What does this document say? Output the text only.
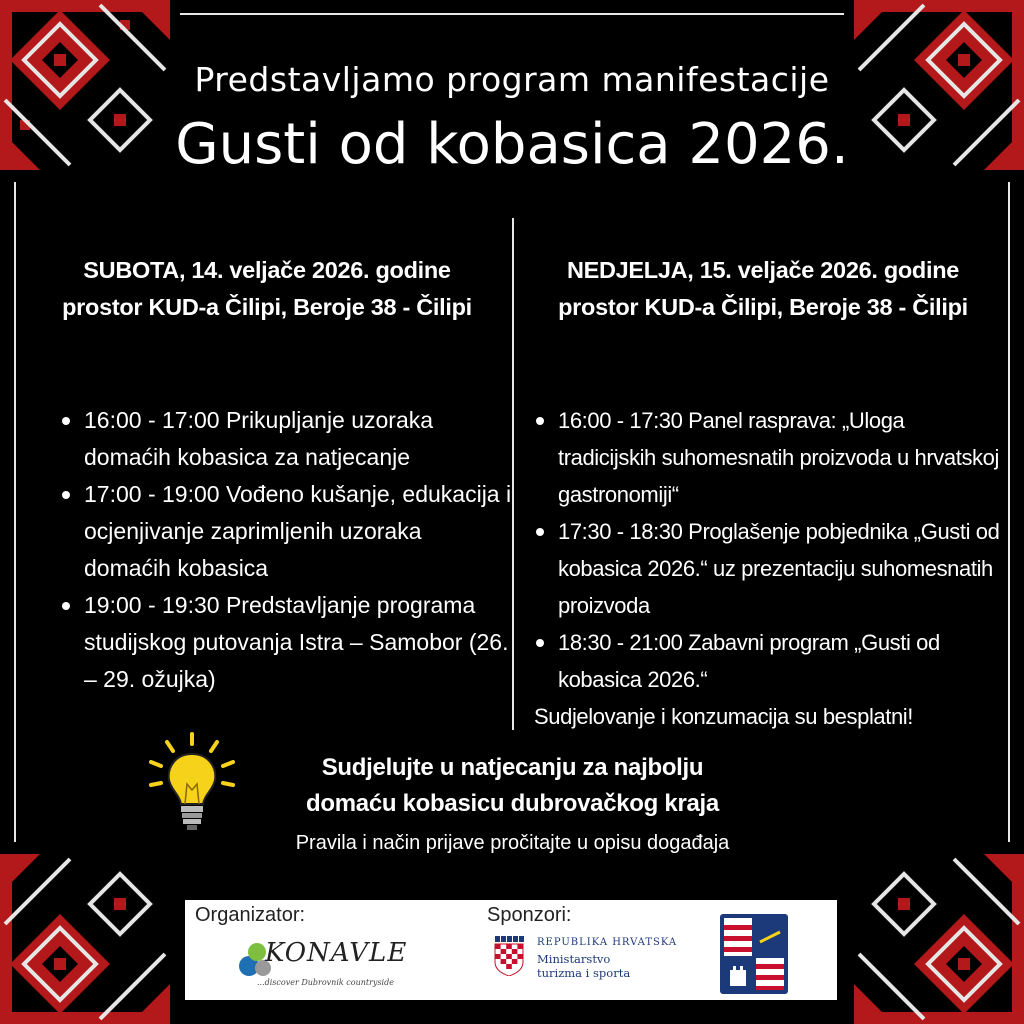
Predstavljamo program manifestacije
Gusti od kobasica 2026.
SUBOTA, 14. veljače 2026. godine
prostor KUD-a Čilipi, Beroje 38 - Čilipi
16:00 - 17:00 Prikupljanje uzoraka domaćih kobasica za natjecanje
17:00 - 19:00 Vođeno kušanje, edukacija i ocjenjivanje zaprimljenih uzoraka domaćih kobasica
19:00 - 19:30 Predstavljanje programa studijskog putovanja Istra – Samobor (26. – 29. ožujka)
NEDJELJA, 15. veljače 2026. godine
prostor KUD-a Čilipi, Beroje 38 - Čilipi
16:00 - 17:30 Panel rasprava: „Uloga tradicijskih suhomesnatih proizvoda u hrvatskoj gastronomiji“
17:30 - 18:30 Proglašenje pobjednika „Gusti od kobasica 2026.“ uz prezentaciju suhomesnatih proizvoda
18:30 - 21:00 Zabavni program „Gusti od kobasica 2026.“
Sudjelovanje i konzumacija su besplatni!
Sudjelujte u natjecanju za najbolju
domaću kobasicu dubrovačkog kraja
Pravila i način prijave pročitajte u opisu događaja
Organizator:
KONAVLE
...discover Dubrovnik countryside
Sponzori:
REPUBLIKA HRVATSKA
Ministarstvo
turizma i sporta
